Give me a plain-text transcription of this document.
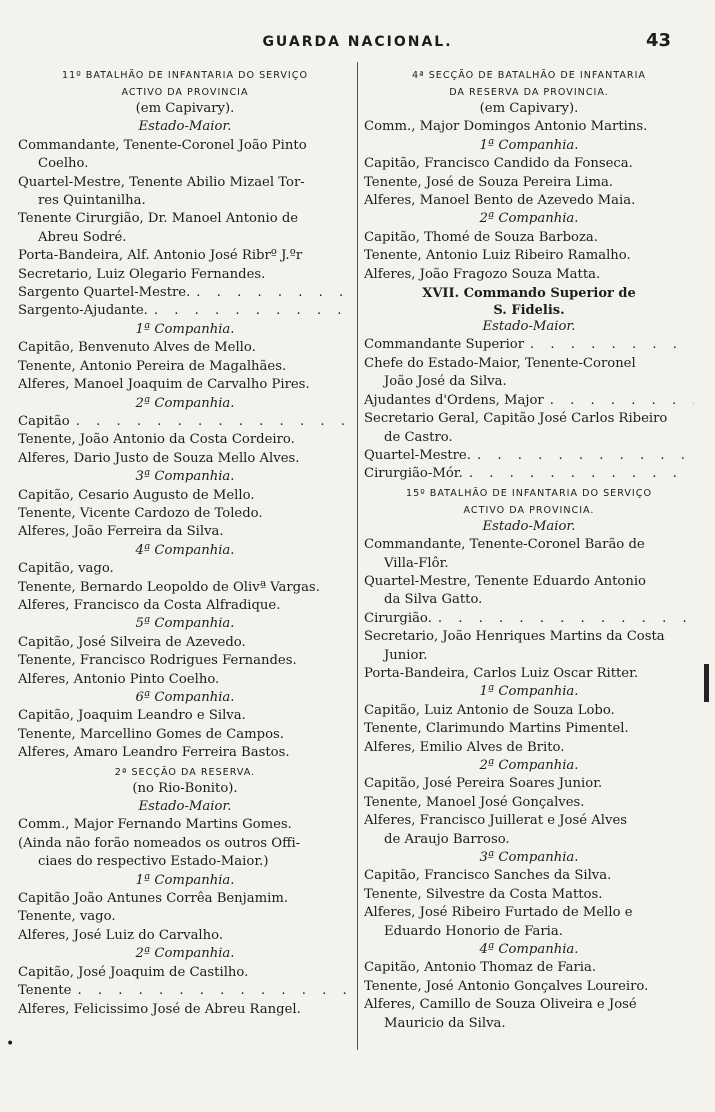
GUARDA NACIONAL.	43
11º BATALHÃO DE INFANTARIA DO SERVIÇO
ACTIVO DA PROVINCIA
(em Capivary).
Estado-Maior.
Commandante, Tenente-Coronel João Pinto
Coelho.
Quartel-Mestre, Tenente Abilio Mizael Tor-
res Quintanilha.
Tenente Cirurgião, Dr. Manoel Antonio de
Abreu Sodré.
Porta-Bandeira, Alf. Antonio José Ribrº J.ºr
Secretario, Luiz Olegario Fernandes.
Sargento Quartel-Mestre.
. . .
Sargento-Ajudante.
. . .
1ª Companhia.
Capitão, Benvenuto Alves de Mello.
Tenente, Antonio Pereira de Magalhães.
Alferes, Manoel Joaquim de Carvalho Pires.
2ª Companhia.
Capitão
. . .
Tenente, João Antonio da Costa Cordeiro.
Alferes, Dario Justo de Souza Mello Alves.
3ª Companhia.
Capitão, Cesario Augusto de Mello.
Tenente, Vicente Cardozo de Toledo.
Alferes, João Ferreira da Silva.
4ª Companhia.
Capitão, vago.
Tenente, Bernardo Leopoldo de Olivª Vargas.
Alferes, Francisco da Costa Alfradique.
5ª Companhia.
Capitão, José Silveira de Azevedo.
Tenente, Francisco Rodrigues Fernandes.
Alferes, Antonio Pinto Coelho.
6ª Companhia.
Capitão, Joaquim Leandro e Silva.
Tenente, Marcellino Gomes de Campos.
Alferes, Amaro Leandro Ferreira Bastos.
2ª SECÇÃO DA RESERVA.
(no Rio-Bonito).
Estado-Maior.
Comm., Major Fernando Martins Gomes.
(Ainda não forão nomeados os outros Offi-
ciaes do respectivo Estado-Maior.)
1ª Companhia.
Capitão João Antunes Corrêa Benjamim.
Tenente, vago.
Alferes, José Luiz do Carvalho.
2ª Companhia.
Capitão, José Joaquim de Castilho.
Tenente
. . .
Alferes, Felicissimo José de Abreu Rangel.
4ª SECÇÃO DE BATALHÃO DE INFANTARIA
DA RESERVA DA PROVINCIA.
(em Capivary).
Comm., Major Domingos Antonio Martins.
1ª Companhia.
Capitão, Francisco Candido da Fonseca.
Tenente, José de Souza Pereira Lima.
Alferes, Manoel Bento de Azevedo Maia.
2ª Companhia.
Capitão, Thomé de Souza Barboza.
Tenente, Antonio Luiz Ribeiro Ramalho.
Alferes, João Fragozo Souza Matta.
XVII. Commando Superior de
S. Fidelis.
Estado-Maior.
Commandante Superior
. . .
Chefe do Estado-Maior, Tenente-Coronel
João José da Silva.
Ajudantes d'Ordens, Major
. . .
Secretario Geral, Capitão José Carlos Ribeiro
de Castro.
Quartel-Mestre.
. . .
Cirurgião-Mór.
. . .
15º BATALHÃO DE INFANTARIA DO SERVIÇO
ACTIVO DA PROVINCIA.
Estado-Maior.
Commandante, Tenente-Coronel Barão de
Villa-Flôr.
Quartel-Mestre, Tenente Eduardo Antonio
da Silva Gatto.
Cirurgião.
. . .
Secretario, João Henriques Martins da Costa
Junior.
Porta-Bandeira, Carlos Luiz Oscar Ritter.
1ª Companhia.
Capitão, Luiz Antonio de Souza Lobo.
Tenente, Clarimundo Martins Pimentel.
Alferes, Emilio Alves de Brito.
2ª Companhia.
Capitão, José Pereira Soares Junior.
Tenente, Manoel José Gonçalves.
Alferes, Francisco Juillerat e José Alves
de Araujo Barroso.
3ª Companhia.
Capitão, Francisco Sanches da Silva.
Tenente, Silvestre da Costa Mattos.
Alferes, José Ribeiro Furtado de Mello e
Eduardo Honorio de Faria.
4ª Companhia.
Capitão, Antonio Thomaz de Faria.
Tenente, José Antonio Gonçalves Loureiro.
Alferes, Camillo de Souza Oliveira e José
Mauricio da Silva.
•
